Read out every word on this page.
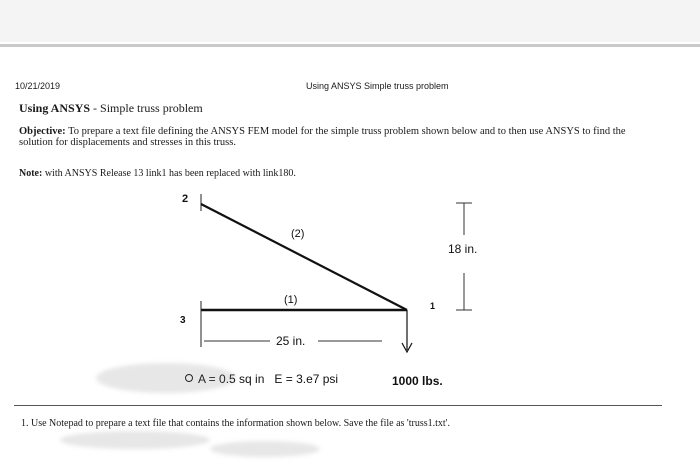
10/21/2019	Using ANSYS Simple truss problem
Using ANSYS - Simple truss problem
Objective: To prepare a text file defining the ANSYS FEM model for the simple truss problem shown below and to then use ANSYS to find the solution for displacements and stresses in this truss.
Note: with ANSYS Release 13 link1 has been replaced with link180.
2
3
1
(2)
(1)
18 in.
25 in.
A = 0.5 sq in   E = 3.e7 psi	1000 lbs.
1. Use Notepad to prepare a text file that contains the information shown below. Save the file as 'truss1.txt'.
